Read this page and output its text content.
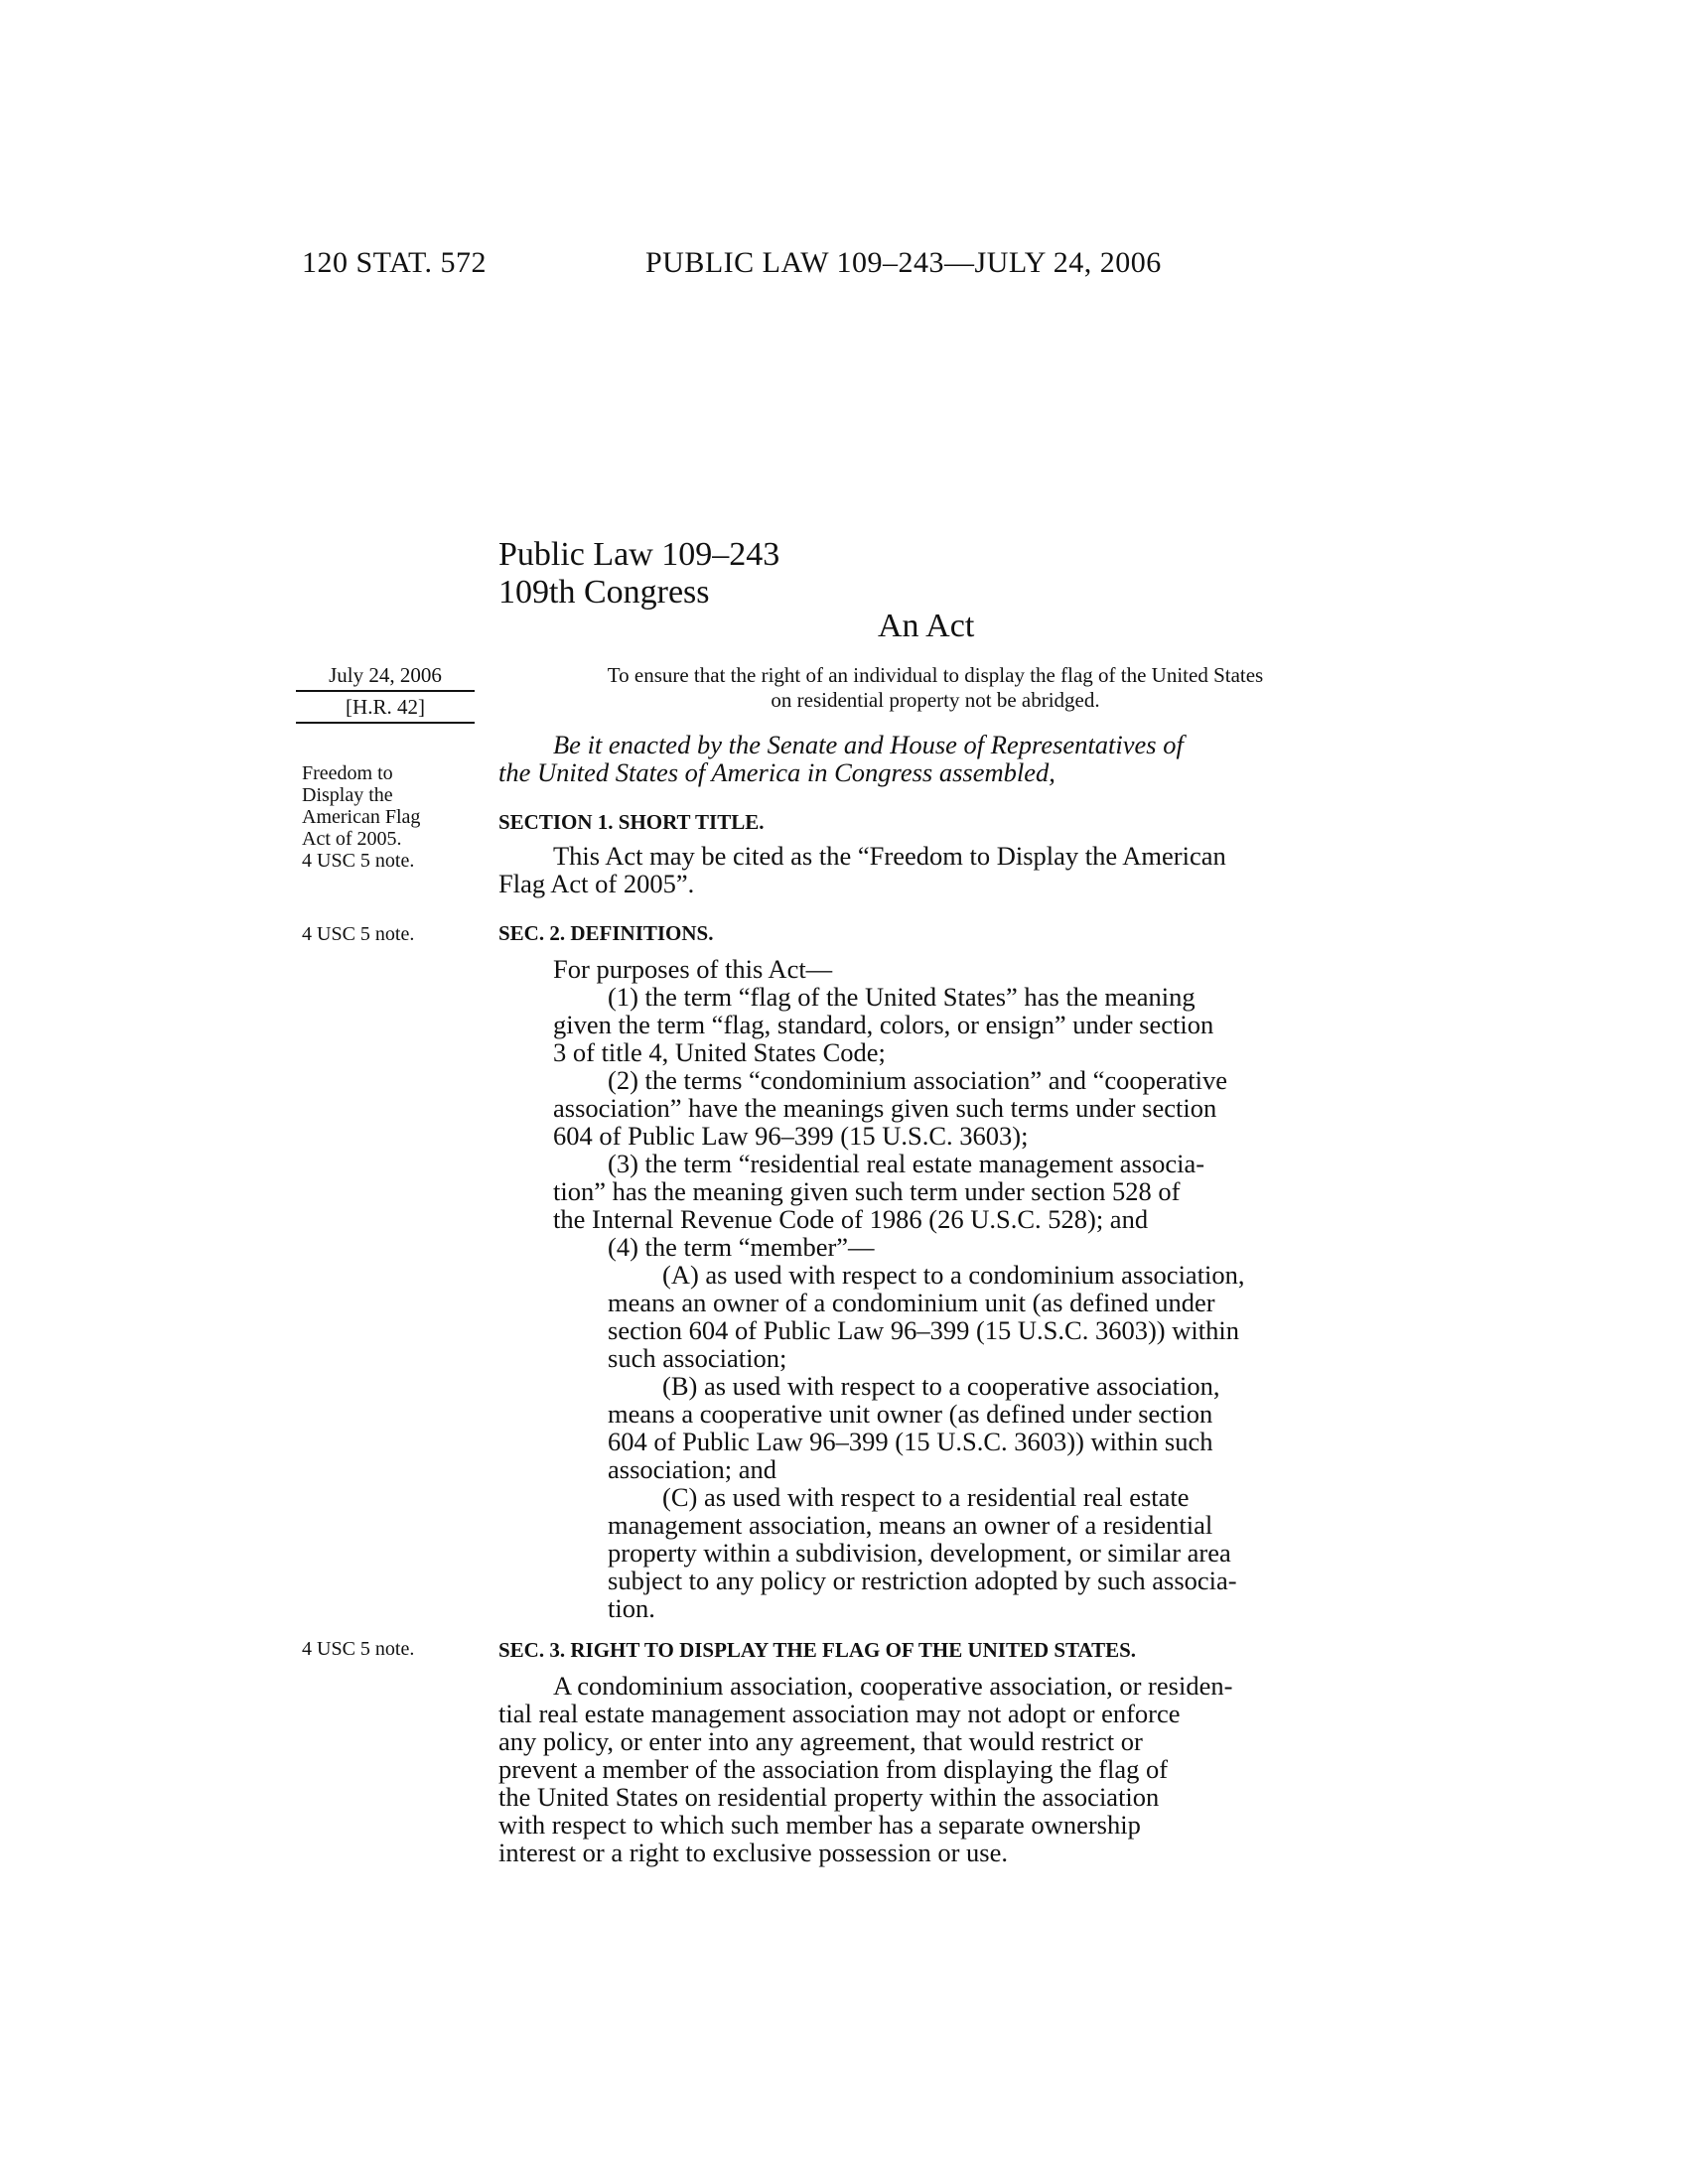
120 STAT. 572	PUBLIC LAW 109–243—JULY 24, 2006
Public Law 109–243
109th Congress
An Act
July 24, 2006
[H.R. 42]
To ensure that the right of an individual to display the flag of the United States
on residential property not be abridged.
Freedom to
Display the
American Flag
Act of 2005.
4 USC 5 note.
4 USC 5 note.
4 USC 5 note.

Be it enacted by the Senate and House of Representatives of

the United States of America in Congress assembled,

SECTION 1. SHORT TITLE.

This Act may be cited as the “Freedom to Display the American

Flag Act of 2005”.

SEC. 2. DEFINITIONS.

For purposes of this Act—

(1) the term “flag of the United States” has the meaning

given the term “flag, standard, colors, or ensign” under section

3 of title 4, United States Code;

(2) the terms “condominium association” and “cooperative

association” have the meanings given such terms under section

604 of Public Law 96–399 (15 U.S.C. 3603);

(3) the term “residential real estate management associa-

tion” has the meaning given such term under section 528 of

the Internal Revenue Code of 1986 (26 U.S.C. 528); and

(4) the term “member”—

(A) as used with respect to a condominium association,

means an owner of a condominium unit (as defined under

section 604 of Public Law 96–399 (15 U.S.C. 3603)) within

such association;

(B) as used with respect to a cooperative association,

means a cooperative unit owner (as defined under section

604 of Public Law 96–399 (15 U.S.C. 3603)) within such

association; and

(C) as used with respect to a residential real estate

management association, means an owner of a residential

property within a subdivision, development, or similar area

subject to any policy or restriction adopted by such associa-

tion.

SEC. 3. RIGHT TO DISPLAY THE FLAG OF THE UNITED STATES.

A condominium association, cooperative association, or residen-

tial real estate management association may not adopt or enforce

any policy, or enter into any agreement, that would restrict or

prevent a member of the association from displaying the flag of

the United States on residential property within the association

with respect to which such member has a separate ownership

interest or a right to exclusive possession or use.
